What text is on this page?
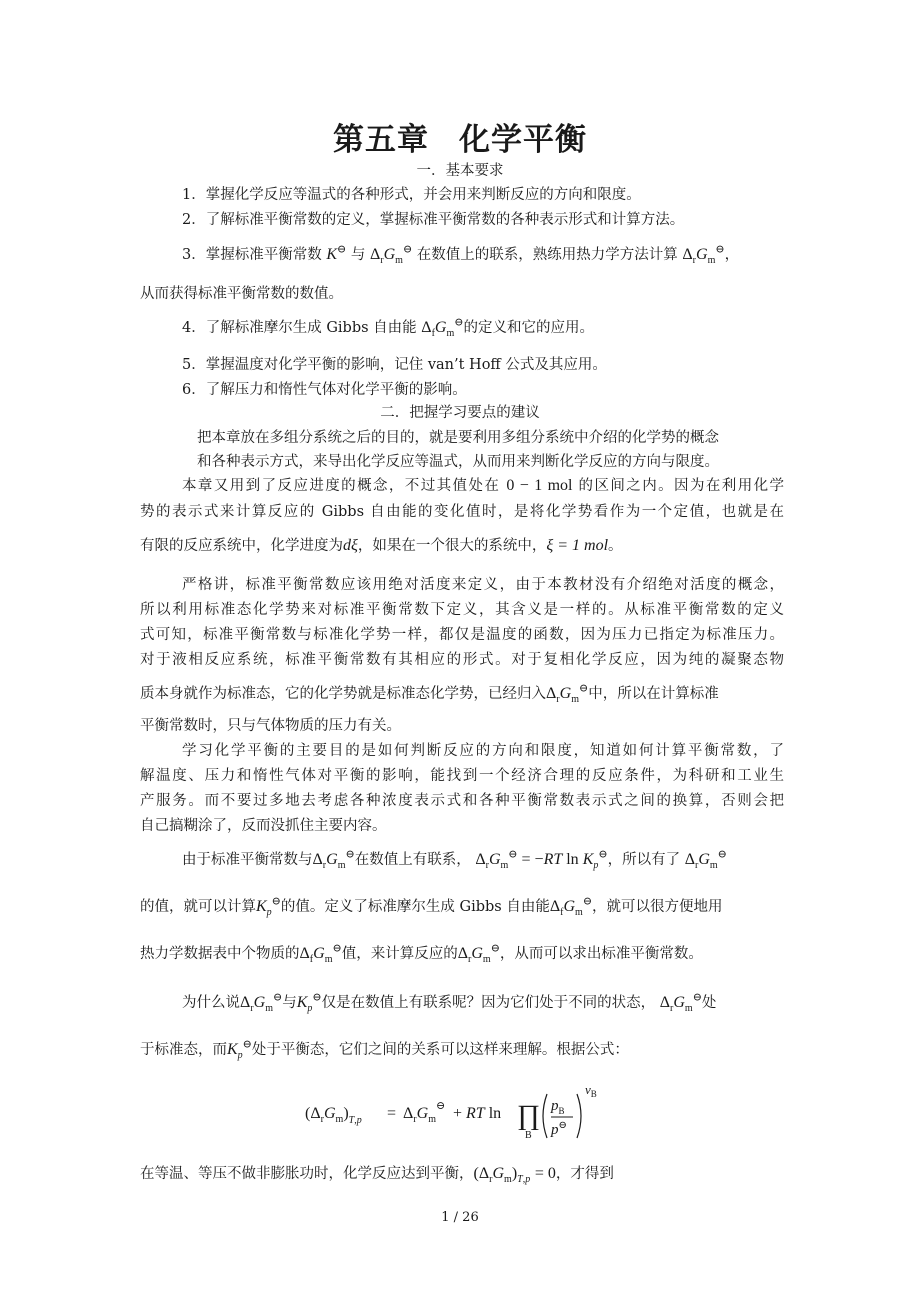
第五章 化学平衡
一．基本要求
1．掌握化学反应等温式的各种形式，并会用来判断反应的方向和限度。
2．了解标准平衡常数的定义，掌握标准平衡常数的各种表示形式和计算方法。
3．掌握标准平衡常数 K⊖ 与 $\Delta_rG_m^⊖$ 在数值上的联系，熟练用热力学方法计算 $\Delta_rG_m^⊖$，
从而获得标准平衡常数的数值。
4．了解标准摩尔生成 Gibbs 自由能 $\Delta_fG_m^⊖$的定义和它的应用。
5．掌握温度对化学平衡的影响，记住 van’t Hoff 公式及其应用。
6．了解压力和惰性气体对化学平衡的影响。
二．把握学习要点的建议
把本章放在多组分系统之后的目的，就是要利用多组分系统中介绍的化学势的概念
和各种表示方式，来导出化学反应等温式，从而用来判断化学反应的方向与限度。
本章又用到了反应进度的概念，不过其值处在 0 − 1 mol 的区间之内。因为在利用化学
势的表示式来计算反应的 Gibbs 自由能的变化值时，是将化学势看作为一个定值，也就是在
有限的反应系统中，化学进度为dξ，如果在一个很大的系统中，ξ = 1 mol。
严格讲，标准平衡常数应该用绝对活度来定义，由于本教材没有介绍绝对活度的概念，
所以利用标准态化学势来对标准平衡常数下定义，其含义是一样的。从标准平衡常数的定义
式可知，标准平衡常数与标准化学势一样，都仅是温度的函数，因为压力已指定为标准压力。
对于液相反应系统，标准平衡常数有其相应的形式。对于复相化学反应，因为纯的凝聚态物
质本身就作为标准态，它的化学势就是标准态化学势，已经归入$\Delta_rG_m^⊖$中，所以在计算标准
平衡常数时，只与气体物质的压力有关。
学习化学平衡的主要目的是如何判断反应的方向和限度，知道如何计算平衡常数，了
解温度、压力和惰性气体对平衡的影响，能找到一个经济合理的反应条件，为科研和工业生
产服务。而不要过多地去考虑各种浓度表示式和各种平衡常数表示式之间的换算，否则会把
自己搞糊涂了，反而没抓住主要内容。
由于标准平衡常数与$\Delta_rG_m^⊖$在数值上有联系， $\Delta_rG_m^⊖ = -RT$ $\ln K_p^⊖$，所以有了 $\Delta_rG_m^⊖$
的值，就可以计算$K_p^⊖$的值。定义了标准摩尔生成 Gibbs 自由能$\Delta_fG_m^⊖$，就可以很方便地用
热力学数据表中个物质的$\Delta_fG_m^⊖$值，来计算反应的$\Delta_rG_m^⊖$，从而可以求出标准平衡常数。
为什么说$\Delta_rG_m^⊖$与$K_p^⊖$仅是在数值上有联系呢？因为它们处于不同的状态， $\Delta_rG_m^⊖$处
于标准态，而$K_p^⊖$处于平衡态，它们之间的关系可以这样来理解。根据公式：
$(\Delta_rG_m)_T,p = \Delta_rG_m^⊖$ + RT ln ∏
B
$p_B$
p⊖
$\nu_B$
在等温、等压不做非膨胀功时，化学反应达到平衡，$(\Delta_rG_m)_{T,p} = 0$，才得到
1 / 26
